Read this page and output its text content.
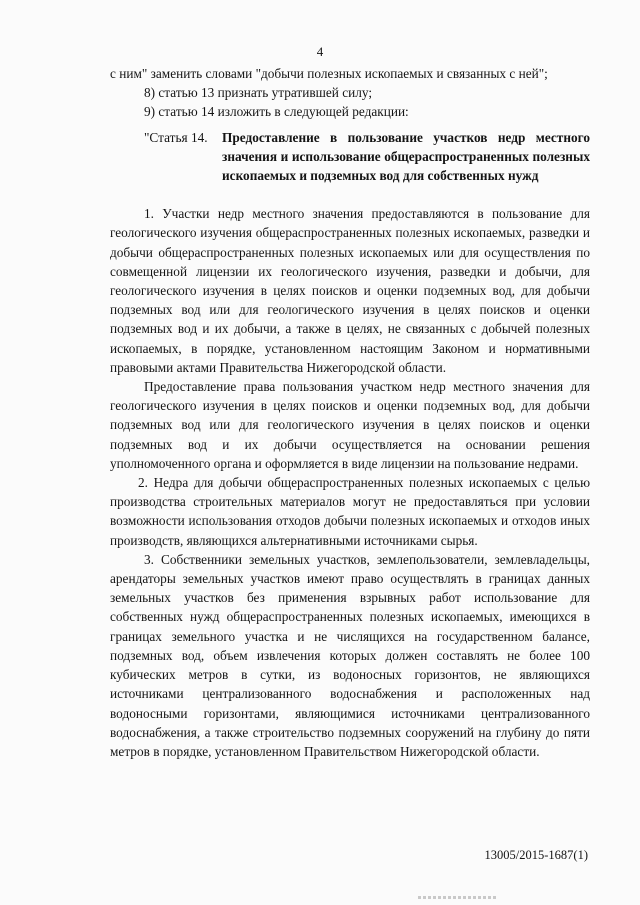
4

с ним" заменить словами "добычи полезных ископаемых и связанных с ней";

8) статью 13 признать утратившей силу;

9) статью 14 изложить в следующей редакции:

"Статья 14.	Предоставление в пользование участков недр местного значения и использование общераспространенных полезных ископаемых и подземных вод для собственных нужд

1. Участки недр местного значения предоставляются в пользование для геологического изучения общераспространенных полезных ископаемых, разведки и добычи общераспространенных полезных ископаемых или для осуществления по совмещенной лицензии их геологического изучения, разведки и добычи, для геологического изучения в целях поисков и оценки подземных вод, для добычи подземных вод или для геологического изучения в целях поисков и оценки подземных вод и их добычи, а также в целях, не связанных с добычей полезных ископаемых, в порядке, установленном настоящим Законом и нормативными правовыми актами Правительства Нижегородской области.

Предоставление права пользования участком недр местного значения для геологического изучения в целях поисков и оценки подземных вод, для добычи подземных вод или для геологического изучения в целях поисков и оценки подземных вод и их добычи осуществляется на основании решения уполномоченного органа и оформляется в виде лицензии на пользование недрами.

2. Недра для добычи общераспространенных полезных ископаемых с целью производства строительных материалов могут не предоставляться при условии возможности использования отходов добычи полезных ископаемых и отходов иных производств, являющихся альтернативными источниками сырья.

3. Собственники земельных участков, землепользователи, землевладельцы, арендаторы земельных участков имеют право осуществлять в границах данных земельных участков без применения взрывных работ использование для собственных нужд общераспространенных полезных ископаемых, имеющихся в границах земельного участка и не числящихся на государственном балансе, подземных вод, объем извлечения которых должен составлять не более 100 кубических метров в сутки, из водоносных горизонтов, не являющихся источниками централизованного водоснабжения и расположенных над водоносными горизонтами, являющимися источниками централизованного водоснабжения, а также строительство подземных сооружений на глубину до пяти метров в порядке, установленном Правительством Нижегородской области.

13005/2015-1687(1)
